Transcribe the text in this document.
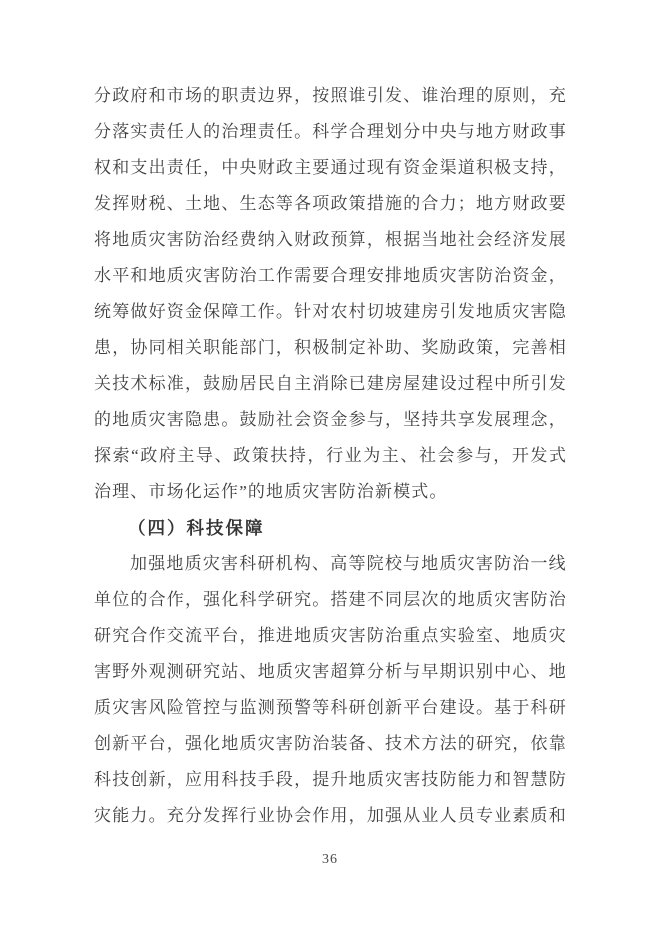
分 政 府 和 市 场 的 职 责 边 界 ， 按 照 谁 引 发 、 谁 治 理 的 原 则 ， 充
分 落 实 责 任 人 的 治 理 责 任 。 科 学 合 理 划 分 中 央 与 地 方 财 政 事
权 和 支 出 责 任 ， 中 央 财 政 主 要 通 过 现 有 资 金 渠 道 积 极 支 持 ，
发 挥 财 税 、 土 地 、 生 态 等 各 项 政 策 措 施 的 合 力 ； 地 方 财 政 要
将 地 质 灾 害 防 治 经 费 纳 入 财 政 预 算 ， 根 据 当 地 社 会 经 济 发 展
水 平 和 地 质 灾 害 防 治 工 作 需 要 合 理 安 排 地 质 灾 害 防 治 资 金 ，
统 筹 做 好 资 金 保 障 工 作 。 针 对 农 村 切 坡 建 房 引 发 地 质 灾 害 隐
患 ， 协 同 相 关 职 能 部 门 ， 积 极 制 定 补 助 、 奖 励 政 策 ， 完 善 相
关 技 术 标 准 ， 鼓 励 居 民 自 主 消 除 已 建 房 屋 建 设 过 程 中 所 引 发
的 地 质 灾 害 隐 患 。 鼓 励 社 会 资 金 参 与 ， 坚 持 共 享 发 展 理 念 ，
探 索 “ 政 府 主 导 、 政 策 扶 持 ， 行 业 为 主 、 社 会 参 与 ， 开 发 式
治理、市场化运作”的地质灾害防治新模式。
（四）科技保障
加 强 地 质 灾 害 科 研 机 构 、 高 等 院 校 与 地 质 灾 害 防 治 一 线
单 位 的 合 作 ， 强 化 科 学 研 究 。 搭 建 不 同 层 次 的 地 质 灾 害 防 治
研 究 合 作 交 流 平 台 ， 推 进 地 质 灾 害 防 治 重 点 实 验 室 、 地 质 灾
害 野 外 观 测 研 究 站 、 地 质 灾 害 超 算 分 析 与 早 期 识 别 中 心 、 地
质 灾 害 风 险 管 控 与 监 测 预 警 等 科 研 创 新 平 台 建 设 。 基 于 科 研
创 新 平 台 ， 强 化 地 质 灾 害 防 治 装 备 、 技 术 方 法 的 研 究 ， 依 靠
科 技 创 新 ， 应 用 科 技 手 段 ， 提 升 地 质 灾 害 技 防 能 力 和 智 慧 防
灾 能 力 。 充 分 发 挥 行 业 协 会 作 用 ， 加 强 从 业 人 员 专 业 素 质 和
36
